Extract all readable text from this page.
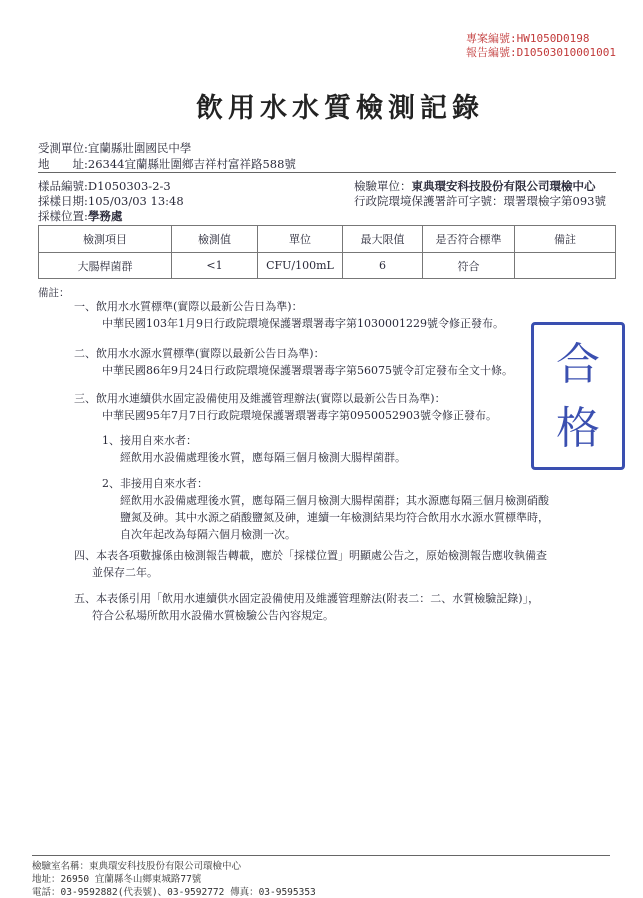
專案編號:HW1050D0198
報告編號:D10503010001001
飲用水水質檢測記錄
受測單位:宜蘭縣壯圍國民中學
地　　址:26344宜蘭縣壯圍鄉吉祥村富祥路588號
樣品編號:D1050303-2-3
採樣日期:105/03/03 13:48
採樣位置:學務處
檢驗單位：東典環安科技股份有限公司環檢中心
行政院環境保護署許可字號：環署環檢字第093號
檢測項目	檢測值	單位	最大限值	是否符合標準	備註
大腸桿菌群	<1	CFU/100mL	6	符合	
備註：
一、飲用水水質標準(實際以最新公告日為準)：
中華民國103年1月9日行政院環境保護署環署毒字第1030001229號令修正發布。
二、飲用水水源水質標準(實際以最新公告日為準)：
中華民國86年9月24日行政院環境保護署環署毒字第56075號令訂定發布全文十條。
三、飲用水連續供水固定設備使用及維護管理辦法(實際以最新公告日為準)：
中華民國95年7月7日行政院環境保護署環署毒字第0950052903號令修正發布。
1、接用自來水者：
經飲用水設備處理後水質，應每隔三個月檢測大腸桿菌群。
2、非接用自來水者：
經飲用水設備處理後水質，應每隔三個月檢測大腸桿菌群；其水源應每隔三個月檢測硝酸
鹽氮及砷。其中水源之硝酸鹽氮及砷，連續一年檢測結果均符合飲用水水源水質標準時，
自次年起改為每隔六個月檢測一次。
四、本表各項數據係由檢測報告轉載，應於「採樣位置」明顯處公告之，原始檢測報告應收執備查
並保存二年。
五、本表係引用「飲用水連續供水固定設備使用及維護管理辦法(附表二：二、水質檢驗記錄)」，
符合公私場所飲用水設備水質檢驗公告內容規定。
合
格
檢驗室名稱：東典環安科技股份有限公司環檢中心
地址：26950 宜蘭縣冬山鄉東城路77號
電話：03-9592882(代表號)、03-9592772 傳真：03-9595353
